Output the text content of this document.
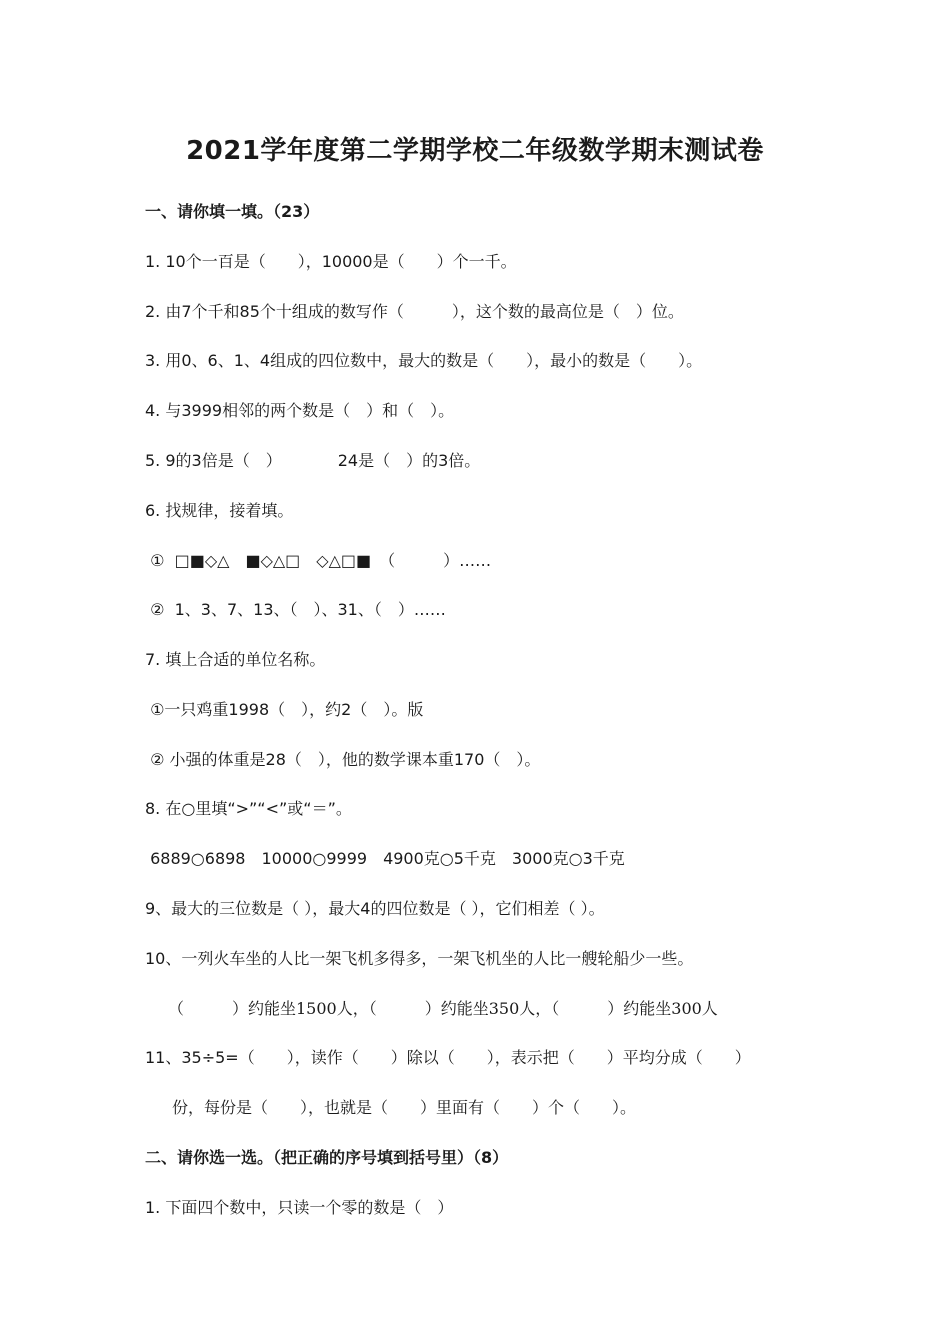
2021学年度第二学期学校二年级数学期末测试卷
一、请你填一填。（23）
1. 10个一百是（　　），10000是（　　）个一千。
2. 由7个千和85个十组成的数写作（　　　），这个数的最高位是（　）位。
3. 用0、6、1、4组成的四位数中，最大的数是（　　），最小的数是（　　）。
4. 与3999相邻的两个数是（　）和（　）。
5. 9的3倍是（　）　　　　24是（　）的3倍。
6. 找规律，接着填。
①  □■◇△　■◇△□　◇△□■　（　　　）……
②  1、3、7、13、（　）、31、（　）……
7. 填上合适的单位名称。
①一只鸡重1998（　），约2（　）。版
② 小强的体重是28（　），他的数学课本重170（　）。
8. 在○里填“>”“<”或“＝”。
6889○6898　10000○9999　4900克○5千克　3000克○3千克
9、最大的三位数是（ ），最大4的四位数是（ ），它们相差（ ）。
10、一列火车坐的人比一架飞机多得多，一架飞机坐的人比一艘轮船少一些。
（　　　）约能坐1500人，（　　　）约能坐350人，（　　　）约能坐300人
11、35÷5=（　　），读作（　　）除以（　　），表示把（　　）平均分成（　　）
份，每份是（　　），也就是（　　）里面有（　　）个（　　）。
二、请你选一选。（把正确的序号填到括号里）（8）
1. 下面四个数中，只读一个零的数是（　）
